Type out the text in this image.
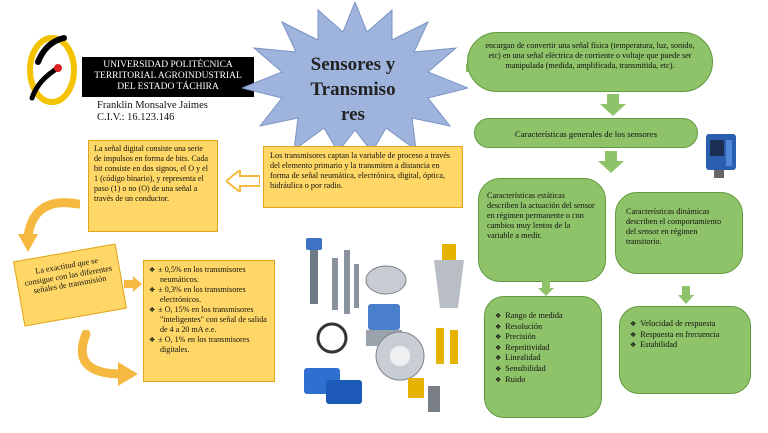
UNIVERSIDAD POLITÉCNICA
TERRITORIAL AGROINDUSTRIAL
DEL ESTADO TÁCHIRA
Franklin Monsalve Jaimes
C.I.V.: 16.123.146
Sensores y
Transmiso
res
encargan de convertir una señal física (temperatura, luz, sonido, etc) en una señal eléctrica de corriente o voltaje que puede ser manipulada (medida, amplificada, transmitida, etc).
Características generales de los sensores
Características estáticas describen la actuación del sensor en régimen permanente o con cambios muy lentos de la variable a medir.
Características dinámicas describen el comportamiento del sensor en régimen transitorio.
❖ Rango de medida
❖ Resolución
❖ Precisión
❖ Repetitividad
❖ Linealidad
❖ Sensibilidad
❖ Ruido
❖ Velocidad de respuesta
❖ Respuesta en frecuencia
❖ Estabilidad
Los transmisores captan la variable de proceso a través del elemento primario y la transmiten a distancia en forma de señal neumática, electrónica, digital, óptica, hidráulica o por radio.
La señal digital consiste una serie de impulsos en forma de bits. Cada bit consiste en dos signos, el O y el 1 (código binario), y representa el paso (1) o no (O) de una señal a través de un conductor.
La exactitud que se consigue con las diferentes señales de transmisión
❖ ± 0,5% en los transmisores neumáticos.
❖ ± 0,3% en los transmisores electrónicos.
❖ ± O, 15% en los transmisores "inteligentes" con señal de salida de 4 a 20 mA e.e.
❖ ± O, 1% en los transmisores digitales.
